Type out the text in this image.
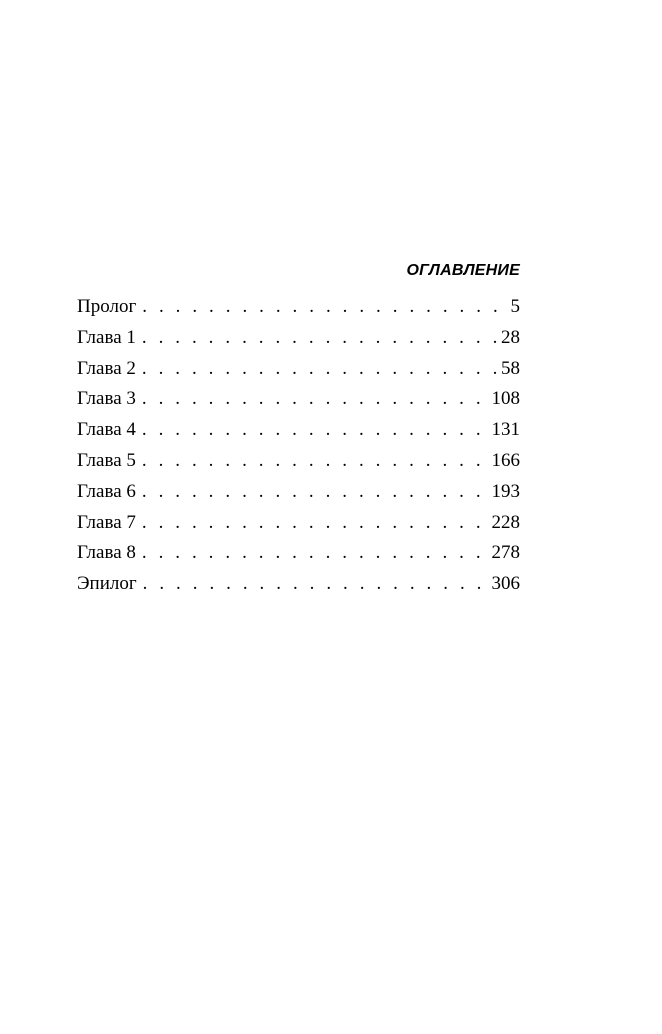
ОГЛАВЛЕНИЕ
Пролог . . .	5
Глава 1 . . .	28
Глава 2 . . .	58
Глава 3 . . .	108
Глава 4 . . .	131
Глава 5 . . .	166
Глава 6 . . .	193
Глава 7 . . .	228
Глава 8 . . .	278
Эпилог . . .	306
